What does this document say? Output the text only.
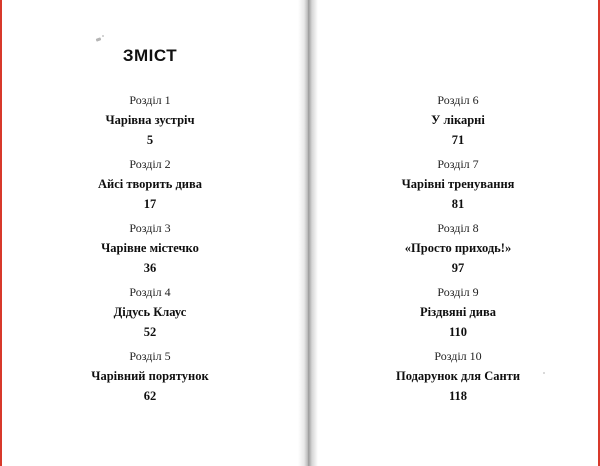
ЗМІСТ
Розділ 1
Чарівна зустріч
5
Розділ 2
Айсі творить дива
17
Розділ 3
Чарівне містечко
36
Розділ 4
Дідусь Клаус
52
Розділ 5
Чарівний порятунок
62
Розділ 6
У лікарні
71
Розділ 7
Чарівні тренування
81
Розділ 8
«Просто приходь!»
97
Розділ 9
Різдвяні дива
110
Розділ 10
Подарунок для Санти
118
